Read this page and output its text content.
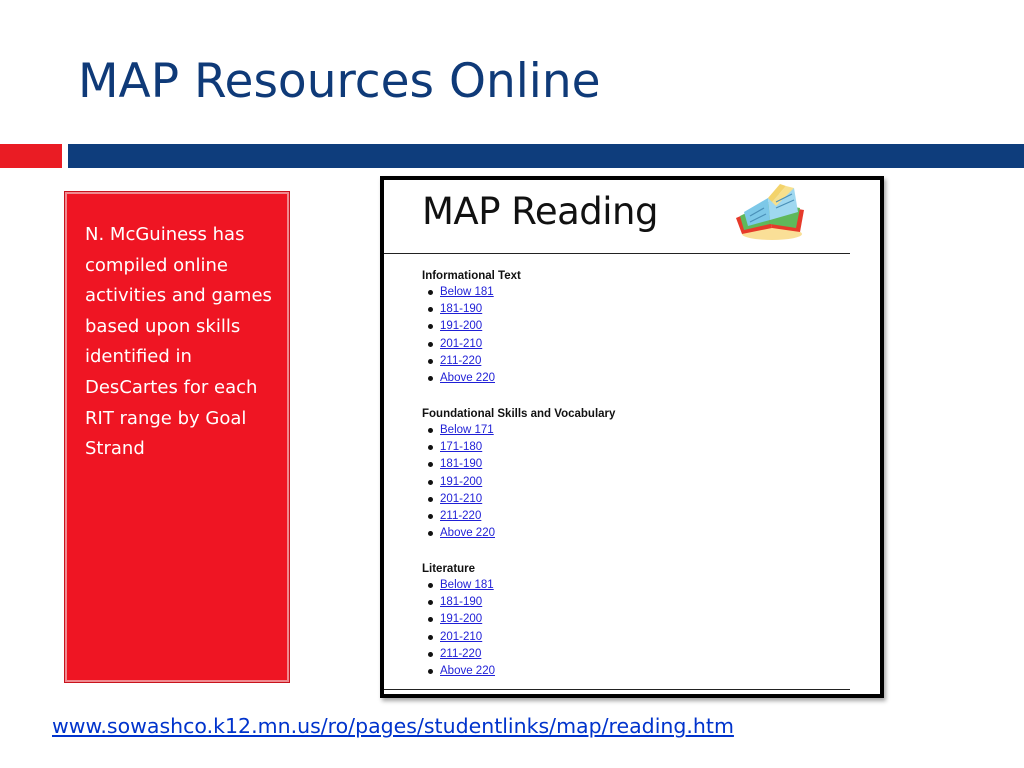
MAP Resources Online

N. McGuiness has compiled online activities and games based upon skills identified in DesCartes for each RIT range by Goal Strand

MAP Reading

Informational Text

Below 181
181-190
191-200
201-210
211-220
Above 220

Foundational Skills and Vocabulary

Below 171
171-180
181-190
191-200
201-210
211-220
Above 220

Literature

Below 181
181-190
191-200
201-210
211-220
Above 220
www.sowashco.k12.mn.us/ro/pages/studentlinks/map/reading.htm
